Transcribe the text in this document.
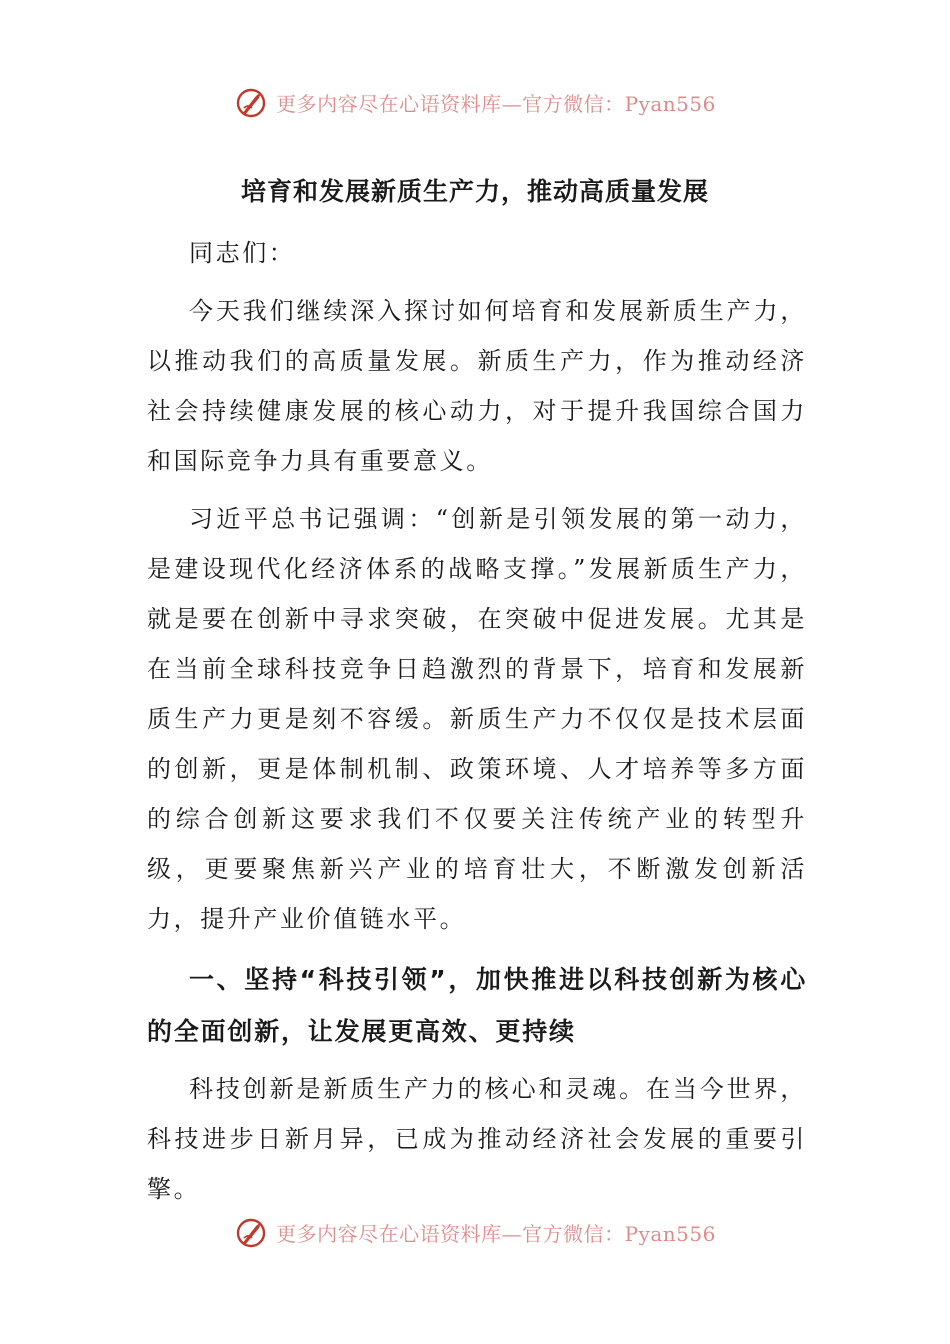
更多内容尽在心语资料库—官方微信：Pyan556
培育和发展新质生产力，推动高质量发展

同志们：

今天我们继续深入探讨如何培育和发展新质生产力，以推动我们的高质量发展。新质生产力，作为推动经济社会持续健康发展的核心动力，对于提升我国综合国力和国际竞争力具有重要意义。

习近平总书记强调：“创新是引领发展的第一动力，是建设现代化经济体系的战略支撑。”发展新质生产力，就是要在创新中寻求突破，在突破中促进发展。尤其是在当前全球科技竞争日趋激烈的背景下，培育和发展新质生产力更是刻不容缓。新质生产力不仅仅是技术层面的创新，更是体制机制、政策环境、人才培养等多方面的综合创新这要求我们不仅要关注传统产业的转型升级，更要聚焦新兴产业的培育壮大，不断激发创新活力，提升产业价值链水平。

一、坚持“科技引领”，加快推进以科技创新为核心的全面创新，让发展更高效、更持续

科技创新是新质生产力的核心和灵魂。在当今世界，科技进步日新月异，已成为推动经济社会发展的重要引擎。

更多内容尽在心语资料库—官方微信：Pyan556
